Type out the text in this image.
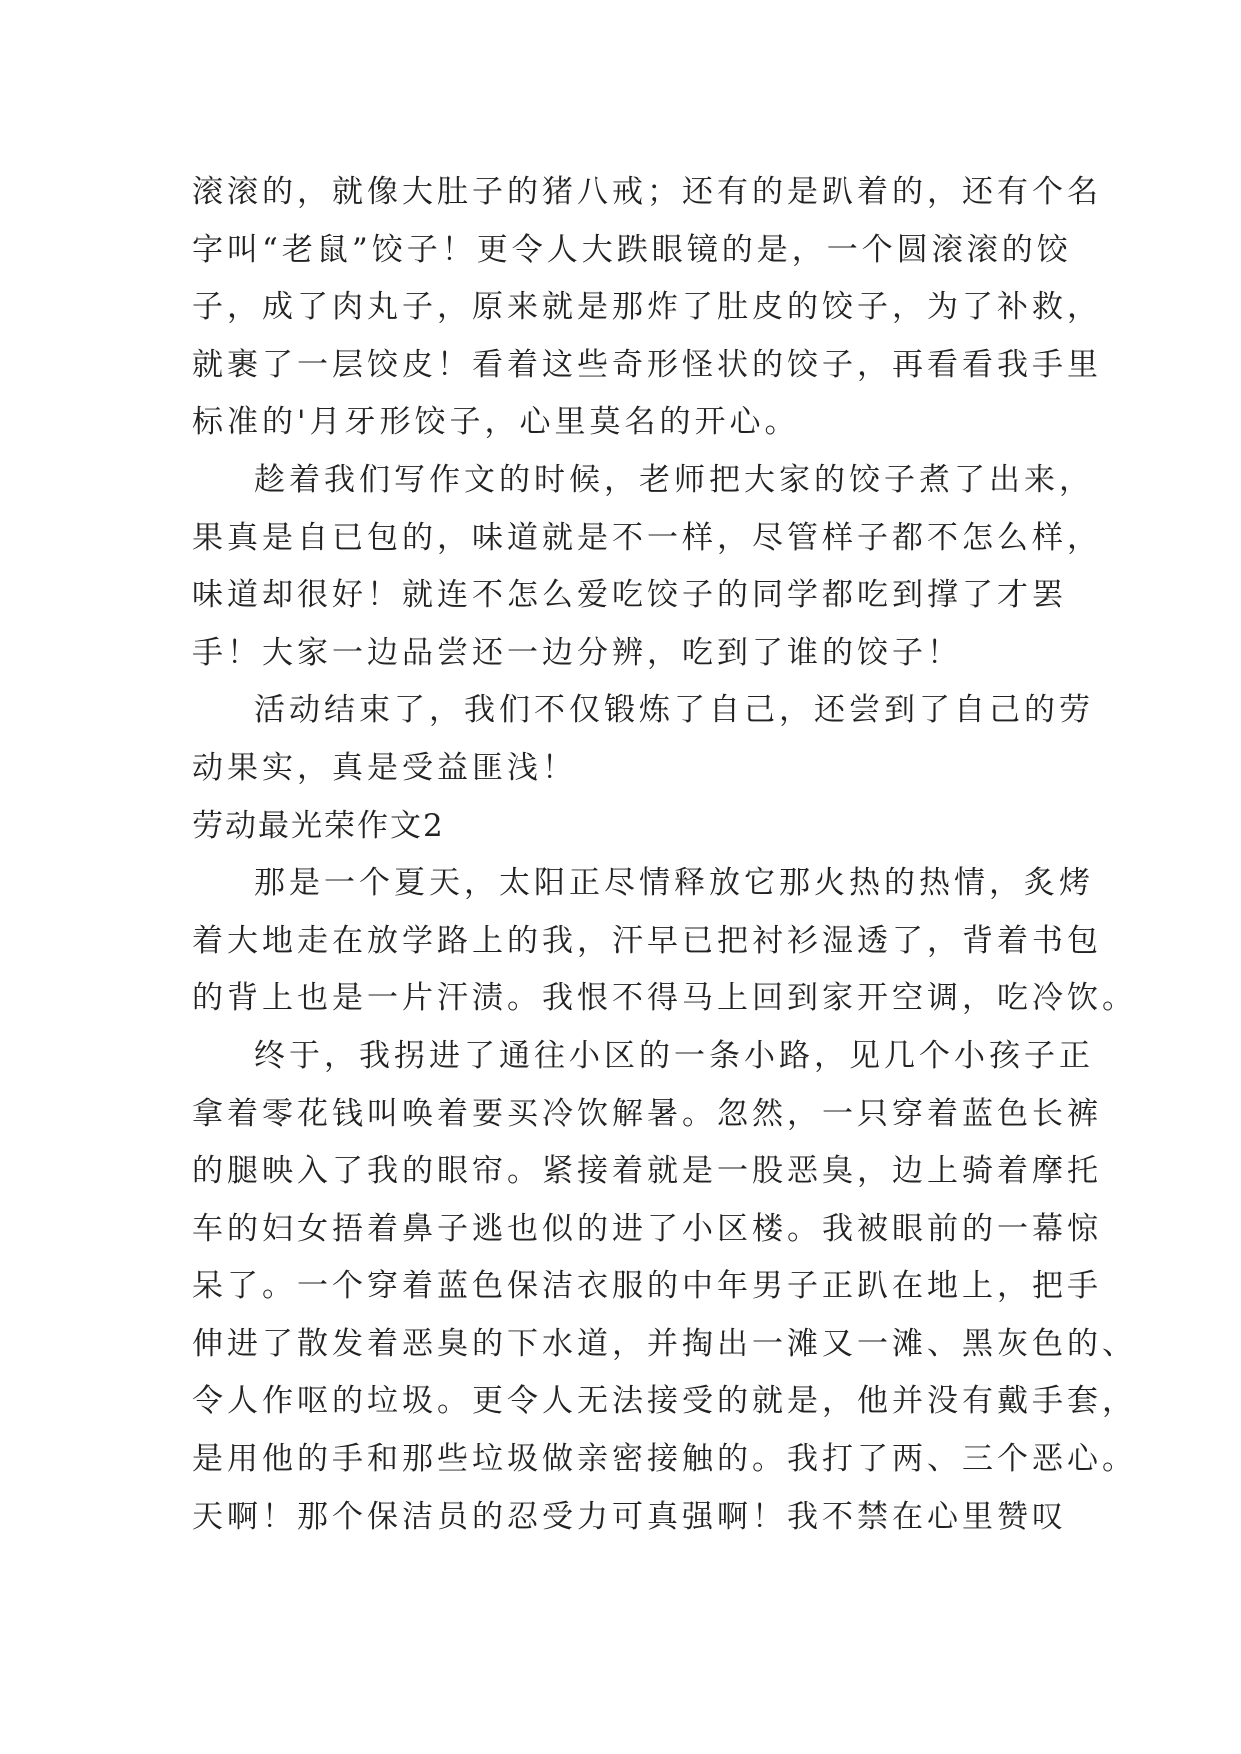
滚滚的，就像大肚子的猪八戒；还有的是趴着的，还有个名
字叫“老鼠”饺子！更令人大跌眼镜的是，一个圆滚滚的饺
子，成了肉丸子，原来就是那炸了肚皮的饺子，为了补救，
就裹了一层饺皮！看着这些奇形怪状的饺子，再看看我手里
标准的'月牙形饺子，心里莫名的开心。
趁着我们写作文的时候，老师把大家的饺子煮了出来，
果真是自已包的，味道就是不一样，尽管样子都不怎么样，
味道却很好！就连不怎么爱吃饺子的同学都吃到撑了才罢
手！大家一边品尝还一边分辨，吃到了谁的饺子！
活动结束了，我们不仅锻炼了自己，还尝到了自己的劳
动果实，真是受益匪浅！
劳动最光荣作文2
那是一个夏天，太阳正尽情释放它那火热的热情，炙烤
着大地走在放学路上的我，汗早已把衬衫湿透了，背着书包
的背上也是一片汗渍。我恨不得马上回到家开空调，吃冷饮。
终于，我拐进了通往小区的一条小路，见几个小孩子正
拿着零花钱叫唤着要买冷饮解暑。忽然，一只穿着蓝色长裤
的腿映入了我的眼帘。紧接着就是一股恶臭，边上骑着摩托
车的妇女捂着鼻子逃也似的进了小区楼。我被眼前的一幕惊
呆了。一个穿着蓝色保洁衣服的中年男子正趴在地上，把手
伸进了散发着恶臭的下水道，并掏出一滩又一滩、黑灰色的、
令人作呕的垃圾。更令人无法接受的就是，他并没有戴手套，
是用他的手和那些垃圾做亲密接触的。我打了两、三个恶心。
天啊！那个保洁员的忍受力可真强啊！我不禁在心里赞叹
